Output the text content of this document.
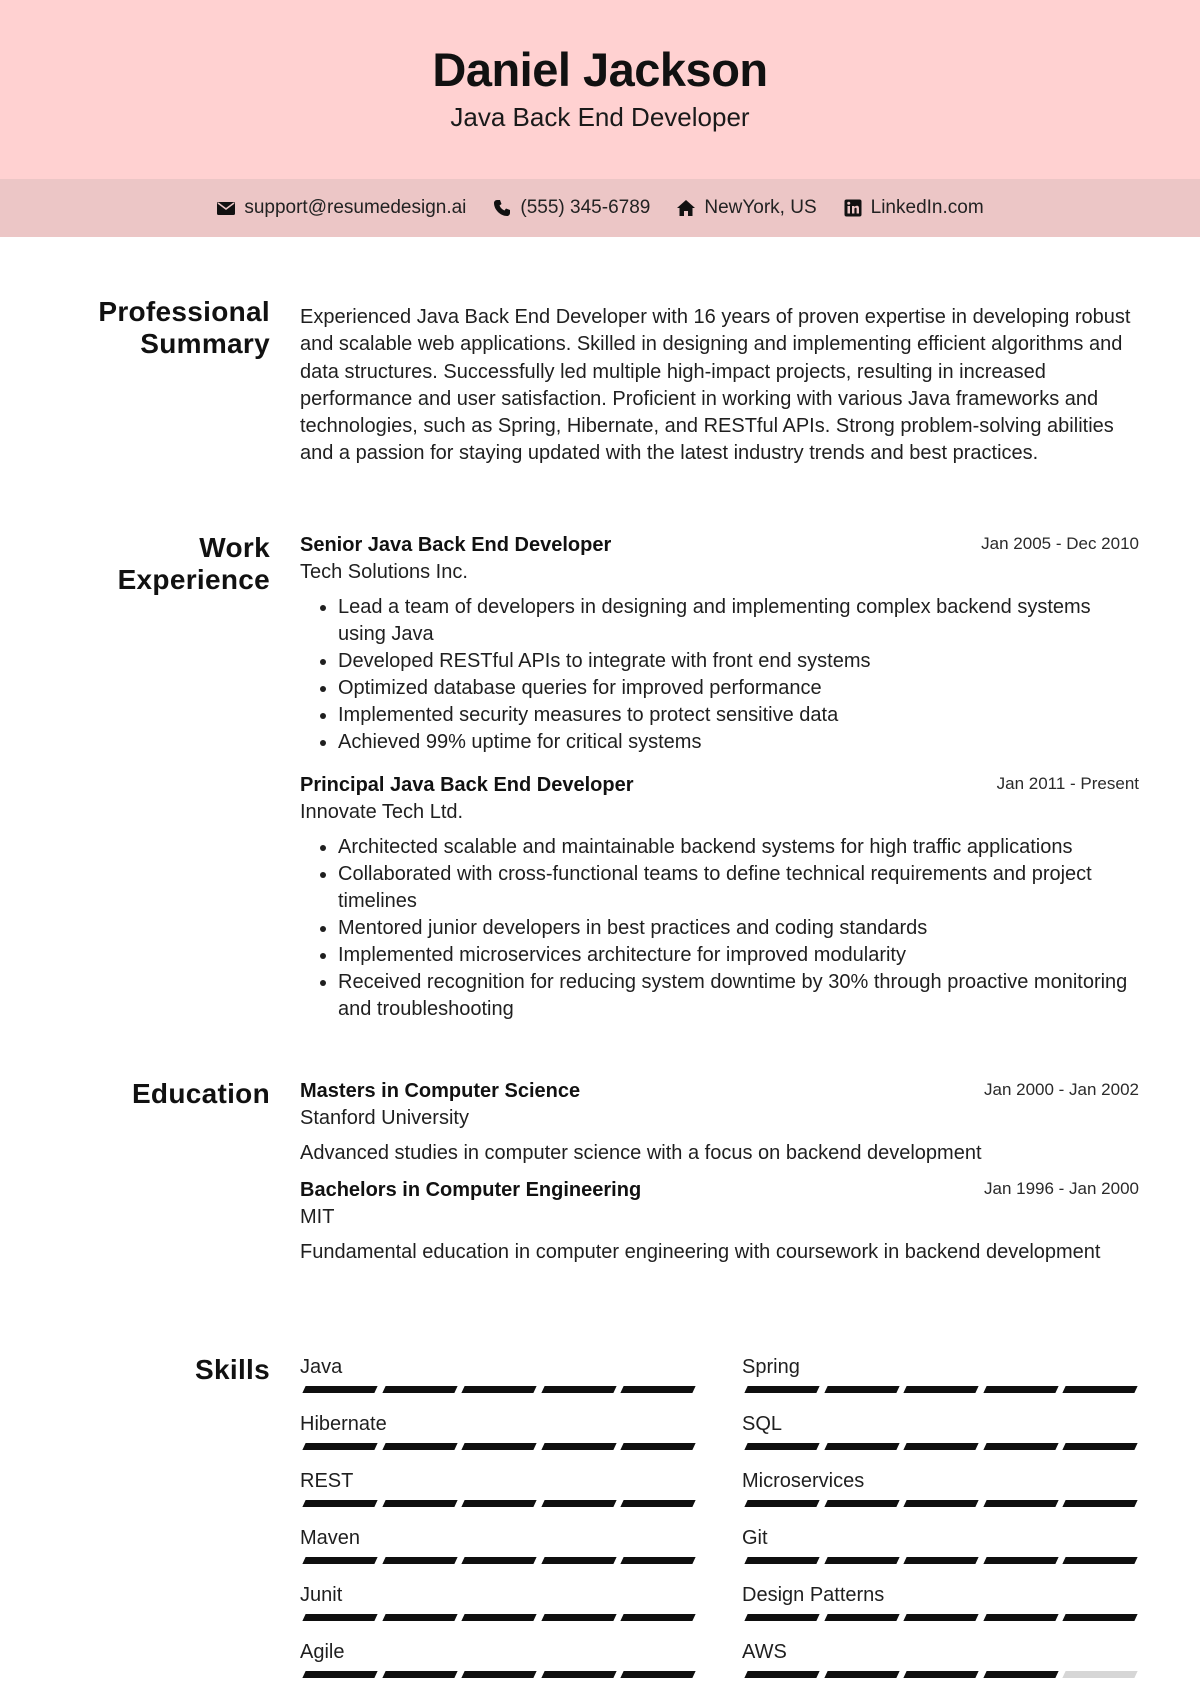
Daniel Jackson
Java Back End Developer
support@resumedesign.ai	(555) 345-6789	NewYork, US	LinkedIn.com
Professional
Summary

Experienced Java Back End Developer with 16 years of proven expertise in developing robust and scalable web applications. Skilled in designing and implementing efficient algorithms and data structures. Successfully led multiple high-impact projects, resulting in increased performance and user satisfaction. Proficient in working with various Java frameworks and technologies, such as Spring, Hibernate, and RESTful APIs. Strong problem-solving abilities and a passion for staying updated with the latest industry trends and best practices.

Work
Experience
Senior Java Back End Developer	Jan 2005 - Dec 2010
Tech Solutions Inc.
• Lead a team of developers in designing and implementing complex backend systems using Java
• Developed RESTful APIs to integrate with front end systems
• Optimized database queries for improved performance
• Implemented security measures to protect sensitive data
• Achieved 99% uptime for critical systems
Principal Java Back End Developer	Jan 2011 - Present
Innovate Tech Ltd.
• Architected scalable and maintainable backend systems for high traffic applications
• Collaborated with cross-functional teams to define technical requirements and project timelines
• Mentored junior developers in best practices and coding standards
• Implemented microservices architecture for improved modularity
• Received recognition for reducing system downtime by 30% through proactive monitoring and troubleshooting
Education Masters in Computer Science	Jan 2000 - Jan 2002
Stanford University
Advanced studies in computer science with a focus on backend development
Bachelors in Computer Engineering	Jan 1996 - Jan 2000
MIT
Fundamental education in computer engineering with coursework in backend development
Skills Java	Spring
Hibernate	SQL
REST	Microservices
Maven	Git
Junit	Design Patterns
Agile	AWS
